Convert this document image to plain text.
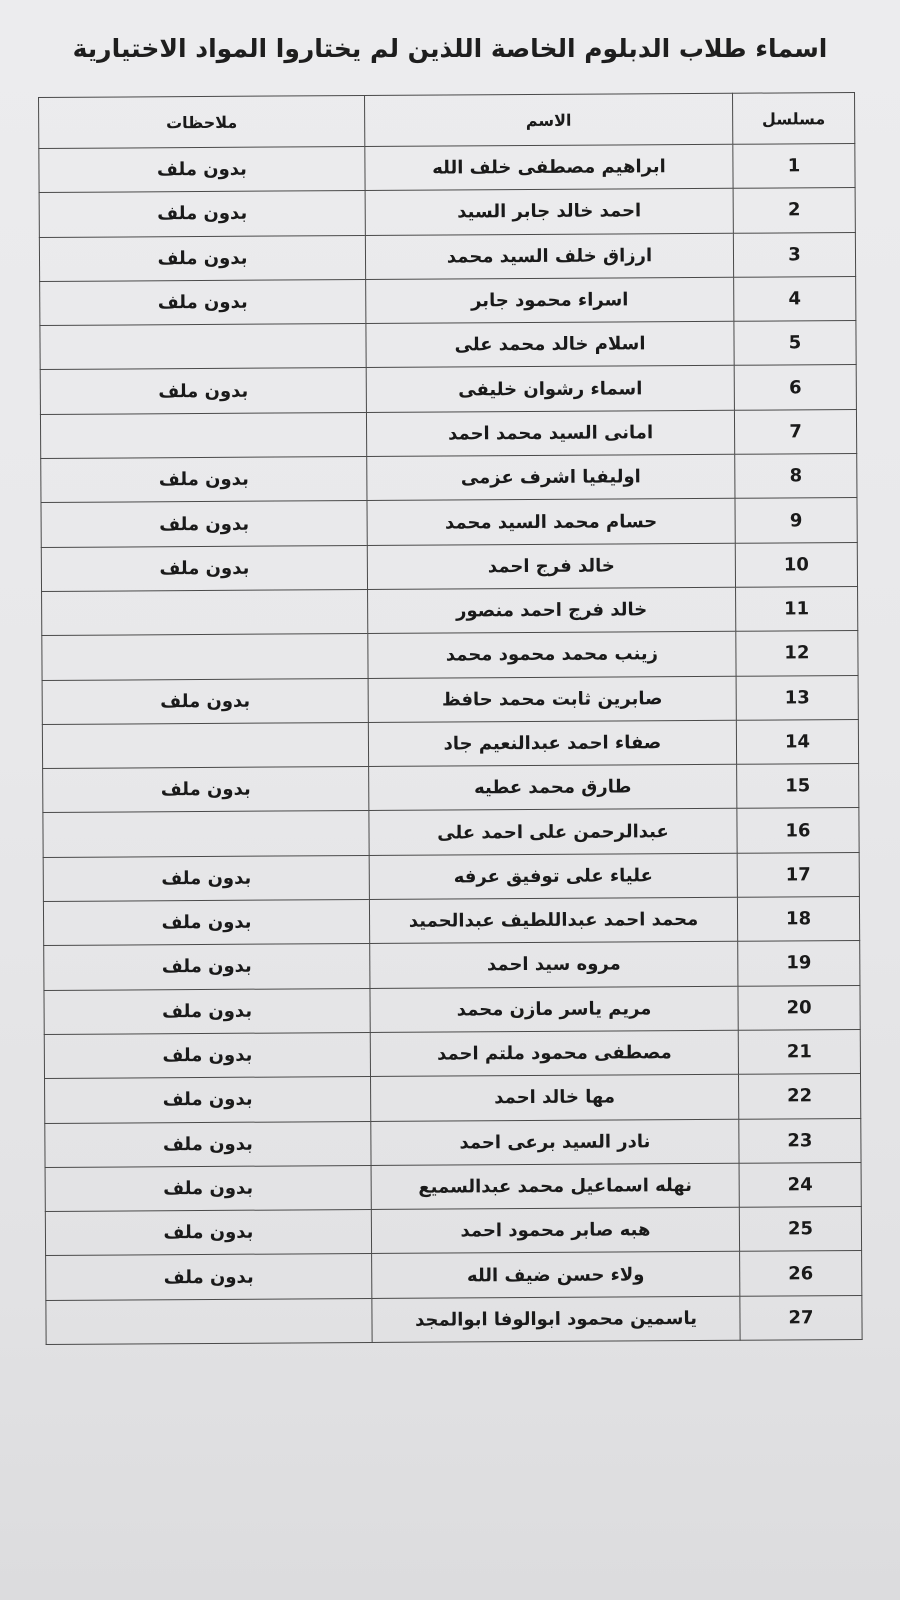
اسماء طلاب الدبلوم الخاصة اللذين لم يختاروا المواد الاختيارية
مسلسل	الاسم	ملاحظات
1	ابراهيم مصطفى خلف الله	بدون ملف
2	احمد خالد جابر السيد	بدون ملف
3	ارزاق خلف السيد محمد	بدون ملف
4	اسراء محمود جابر	بدون ملف
5	اسلام خالد محمد على	
6	اسماء رشوان خليفى	بدون ملف
7	امانى السيد محمد احمد	
8	اوليفيا اشرف عزمى	بدون ملف
9	حسام محمد السيد محمد	بدون ملف
10	خالد فرج احمد	بدون ملف
11	خالد فرج احمد منصور	
12	زينب محمد محمود محمد	
13	صابرين ثابت محمد حافظ	بدون ملف
14	صفاء احمد عبدالنعيم جاد	
15	طارق محمد عطيه	بدون ملف
16	عبدالرحمن على احمد على	
17	علياء على توفيق عرفه	بدون ملف
18	محمد احمد عبداللطيف عبدالحميد	بدون ملف
19	مروه سيد احمد	بدون ملف
20	مريم ياسر مازن محمد	بدون ملف
21	مصطفى محمود ملتم احمد	بدون ملف
22	مها خالد احمد	بدون ملف
23	نادر السيد برعى احمد	بدون ملف
24	نهله اسماعيل محمد عبدالسميع	بدون ملف
25	هبه صابر محمود احمد	بدون ملف
26	ولاء حسن ضيف الله	بدون ملف
27	ياسمين محمود ابوالوفا ابوالمجد	
